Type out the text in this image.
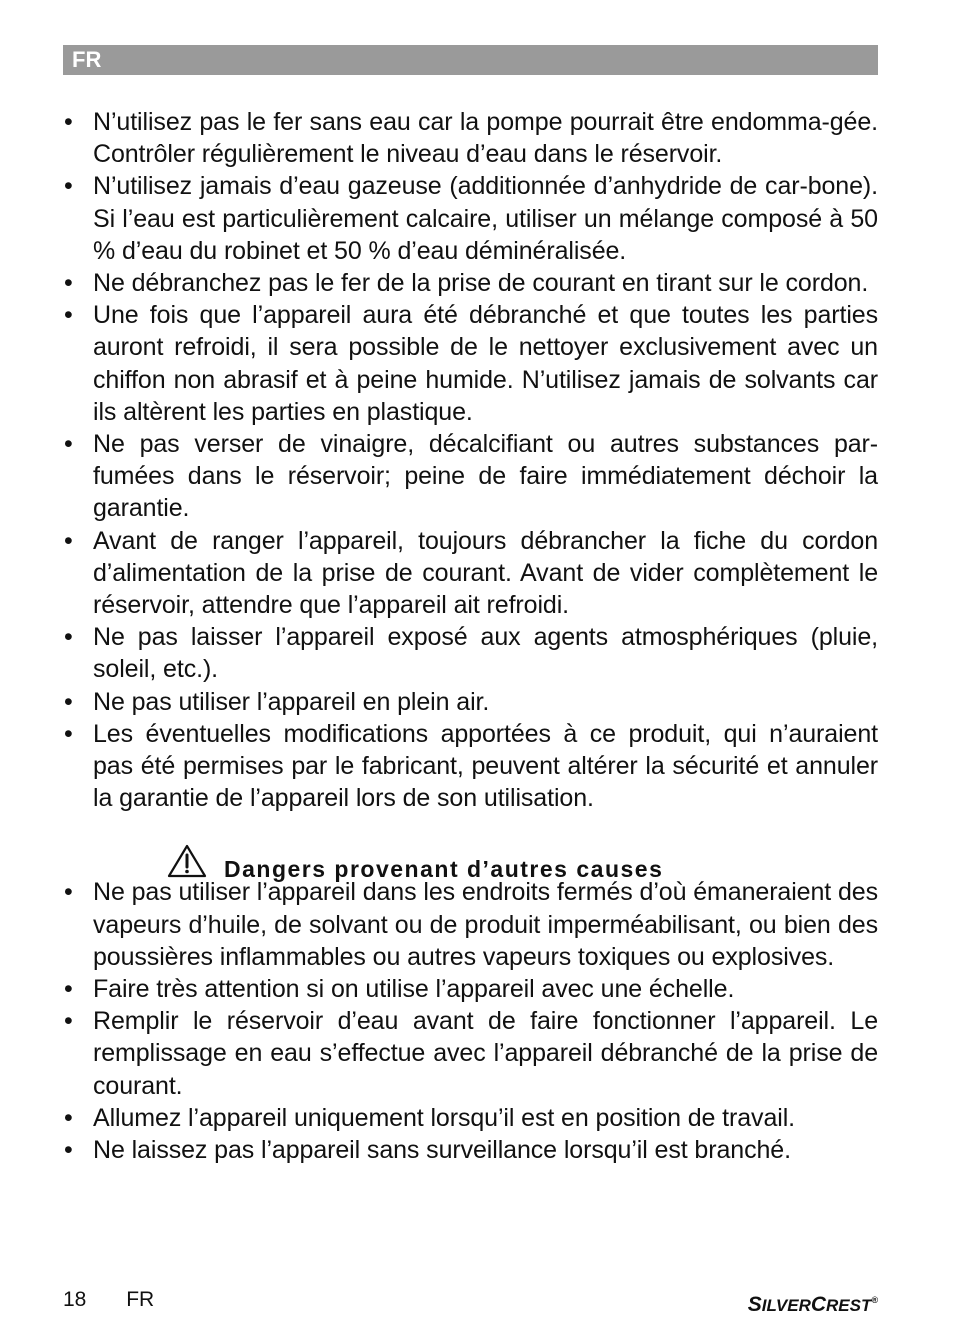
FR
• N’utilisez pas le fer sans eau car la pompe pourrait être endomma-gée. Contrôler régulièrement le niveau d’eau dans le réservoir.
• N’utilisez jamais d’eau gazeuse (additionnée d’anhydride de car-bone). Si l’eau est particulièrement calcaire, utiliser un mélange composé à 50 % d’eau du robinet et 50 % d’eau déminéralisée.
• Ne débranchez pas le fer de la prise de courant en tirant sur le cordon.
• Une fois que l’appareil aura été débranché et que toutes les parties auront refroidi, il sera possible de le nettoyer exclusivement avec un chiffon non abrasif et à peine humide. N’utilisez jamais de solvants car ils altèrent les parties en plastique.
• Ne pas verser de vinaigre, décalcifiant ou autres substances par-fumées dans le réservoir; peine de faire immédiatement déchoir la garantie.
• Avant de ranger l’appareil, toujours débrancher la fiche du cordon d’alimentation de la prise de courant. Avant de vider complètement le réservoir, attendre que l’appareil ait refroidi.
• Ne pas laisser l’appareil exposé aux agents atmosphériques (pluie, soleil, etc.).
• Ne pas utiliser l’appareil en plein air.
• Les éventuelles modifications apportées à ce produit, qui n’auraient pas été permises par le fabricant, peuvent altérer la sécurité et annuler la garantie de l’appareil lors de son utilisation.
Dangers provenant d’autres causes
• Ne pas utiliser l’appareil dans les endroits fermés d’où émaneraient des vapeurs d’huile, de solvant ou de produit imperméabilisant, ou bien des poussières inflammables ou autres vapeurs toxiques ou explosives.
• Faire très attention si on utilise l’appareil avec une échelle.
• Remplir le réservoir d’eau avant de faire fonctionner l’appareil. Le remplissage en eau s’effectue avec l’appareil débranché de la prise de courant.
• Allumez l’appareil uniquement lorsqu’il est en position de travail.
• Ne laissez pas l’appareil sans surveillance lorsqu’il est branché.
18 FR	SILVERCREST®
